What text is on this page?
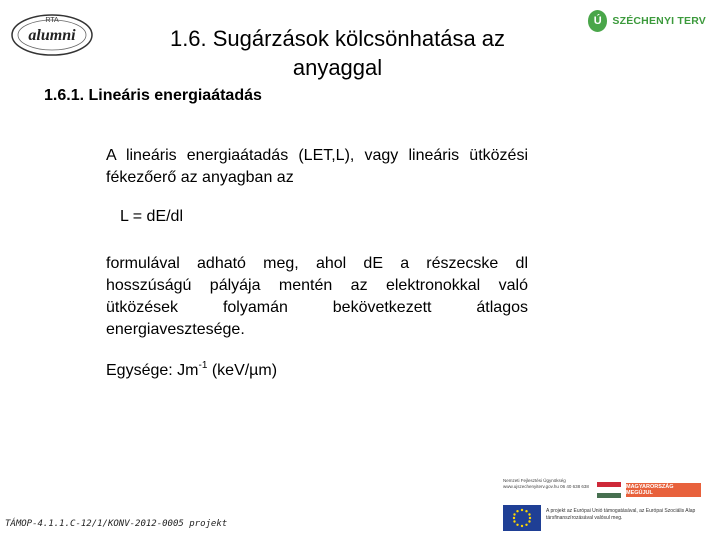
RTA
alumni	1.6. Sugárzások kölcsönhatása az anyaggal
Ú	SZÉCHENYI TERV
1.6.1. Lineáris energiaátadás
A lineáris energiaátadás (LET,L), vagy lineáris ütközési fékezőerő az anyagban az
L = dE/dl
formulával adható meg, ahol dE a részecske dl hosszúságú pályája mentén az elektronokkal való ütközések folyamán bekövetkezett átlagos energiavesztesége.
Egysége: $Jm^{-1}$ (keV/µm)
TÁMOP-4.1.1.C-12/1/KONV-2012-0005 projekt
Nemzeti Fejlesztési Ügynökség www.ujszechenyiterv.gov.hu 06 40 638 638	MAGYARORSZÁG MEGÚJUL
A projekt az Európai Unió támogatásával, az Európai Szociális Alap társfinanszírozásával valósul meg.
